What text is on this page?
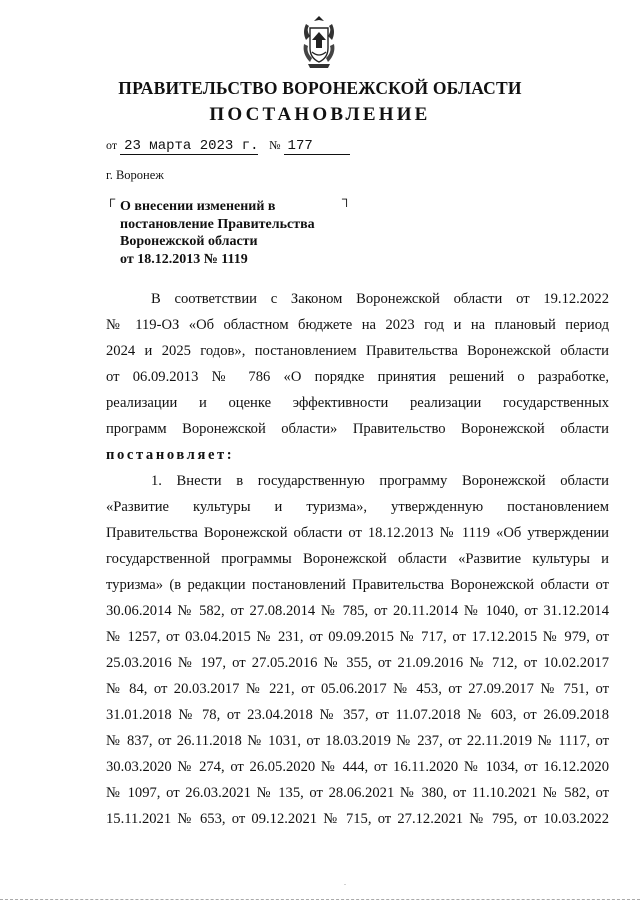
ПРАВИТЕЛЬСТВО ВОРОНЕЖСКОЙ ОБЛАСТИ
ПОСТАНОВЛЕНИЕ
от 23 марта 2023 г. № 177
г. Воронеж
┌	┐
О внесении изменений в
постановление Правительства
Воронежской области
от 18.12.2013 № 1119

В соответствии с Законом Воронежской области от 19.12.2022

№ 119-ОЗ «Об областном бюджете на 2023 год и на плановый период

2024 и 2025 годов», постановлением Правительства Воронежской области

от 06.09.2013 № 786 «О порядке принятия решений о разработке,

реализации и оценке эффективности реализации государственных

программ Воронежской области» Правительство Воронежской области

постановляет:

1. Внести в государственную программу Воронежской области

«Развитие культуры и туризма», утвержденную постановлением

Правительства Воронежской области от 18.12.2013 № 1119 «Об утверждении

государственной программы Воронежской области «Развитие культуры и

туризма» (в редакции постановлений Правительства Воронежской области от

30.06.2014 № 582, от 27.08.2014 № 785, от 20.11.2014 № 1040, от 31.12.2014

№ 1257, от 03.04.2015 № 231, от 09.09.2015 № 717, от 17.12.2015 № 979, от

25.03.2016 № 197, от 27.05.2016 № 355, от 21.09.2016 № 712, от 10.02.2017

№ 84, от 20.03.2017 № 221, от 05.06.2017 № 453, от 27.09.2017 № 751, от

31.01.2018 № 78, от 23.04.2018 № 357, от 11.07.2018 № 603, от 26.09.2018

№ 837, от 26.11.2018 № 1031, от 18.03.2019 № 237, от 22.11.2019 № 1117, от

30.03.2020 № 274, от 26.05.2020 № 444, от 16.11.2020 № 1034, от 16.12.2020

№ 1097, от 26.03.2021 № 135, от 28.06.2021 № 380, от 11.10.2021 № 582, от

15.11.2021 № 653, от 09.12.2021 № 715, от 27.12.2021 № 795, от 10.03.2022

.
